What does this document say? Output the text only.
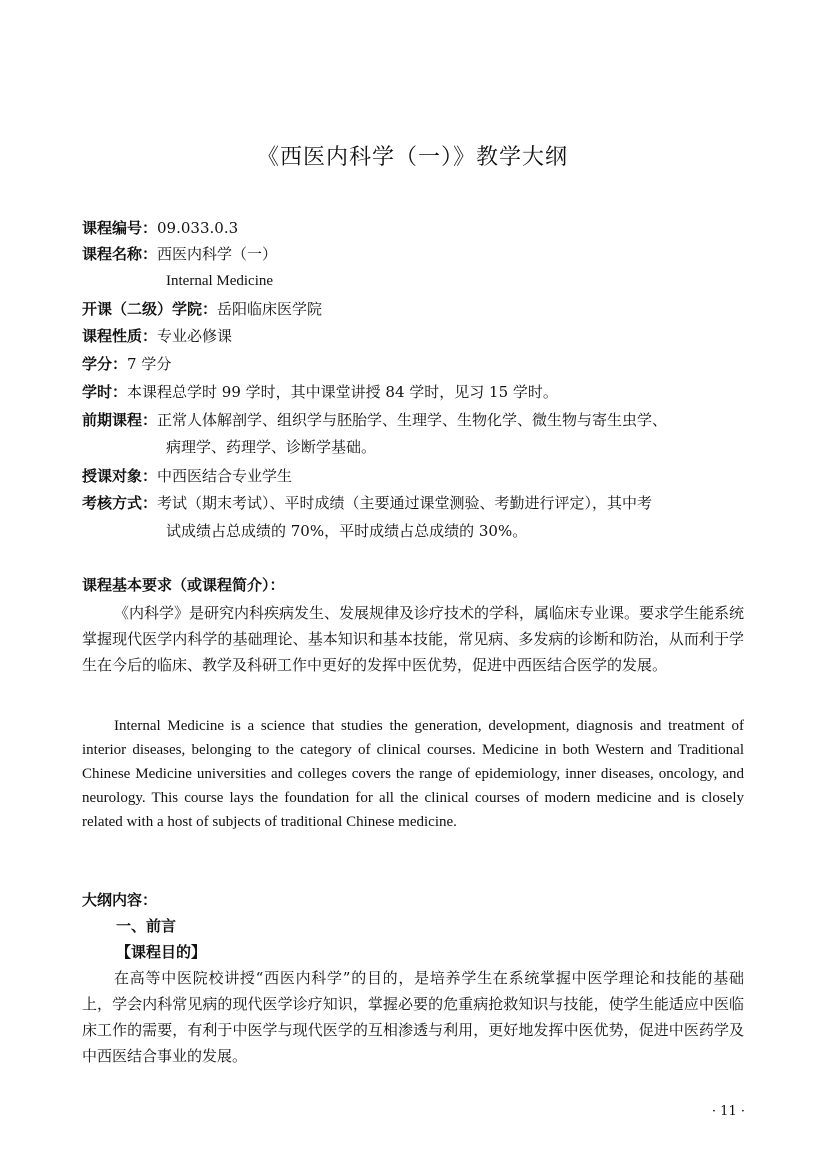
《西医内科学（一）》教学大纲
课程编号：09.033.0.3
课程名称：西医内科学（一）
Internal Medicine
开课（二级）学院：岳阳临床医学院
课程性质：专业必修课
学分：7 学分
学时：本课程总学时 99 学时，其中课堂讲授 84 学时，见习 15 学时。
前期课程：正常人体解剖学、组织学与胚胎学、生理学、生物化学、微生物与寄生虫学、
病理学、药理学、诊断学基础。
授课对象：中西医结合专业学生
考核方式：考试（期末考试）、平时成绩（主要通过课堂测验、考勤进行评定），其中考
试成绩占总成绩的 70%，平时成绩占总成绩的 30%。
课程基本要求（或课程简介）：
《内科学》是研究内科疾病发生、发展规律及诊疗技术的学科，属临床专业课。要求学生能系统掌握现代医学内科学的基础理论、基本知识和基本技能，常见病、多发病的诊断和防治，从而利于学生在今后的临床、教学及科研工作中更好的发挥中医优势，促进中西医结合医学的发展。
Internal Medicine is a science that studies the generation, development, diagnosis and treatment of interior diseases, belonging to the category of clinical courses. Medicine in both Western and Traditional Chinese Medicine universities and colleges covers the range of epidemiology, inner diseases, oncology, and neurology. This course lays the foundation for all the clinical courses of modern medicine and is closely related with a host of subjects of traditional Chinese medicine.
大纲内容：
一、前言
【课程目的】
在高等中医院校讲授“西医内科学”的目的，是培养学生在系统掌握中医学理论和技能的基础上，学会内科常见病的现代医学诊疗知识，掌握必要的危重病抢救知识与技能，使学生能适应中医临床工作的需要，有利于中医学与现代医学的互相渗透与利用，更好地发挥中医优势，促进中医药学及中西医结合事业的发展。
· 11 ·
